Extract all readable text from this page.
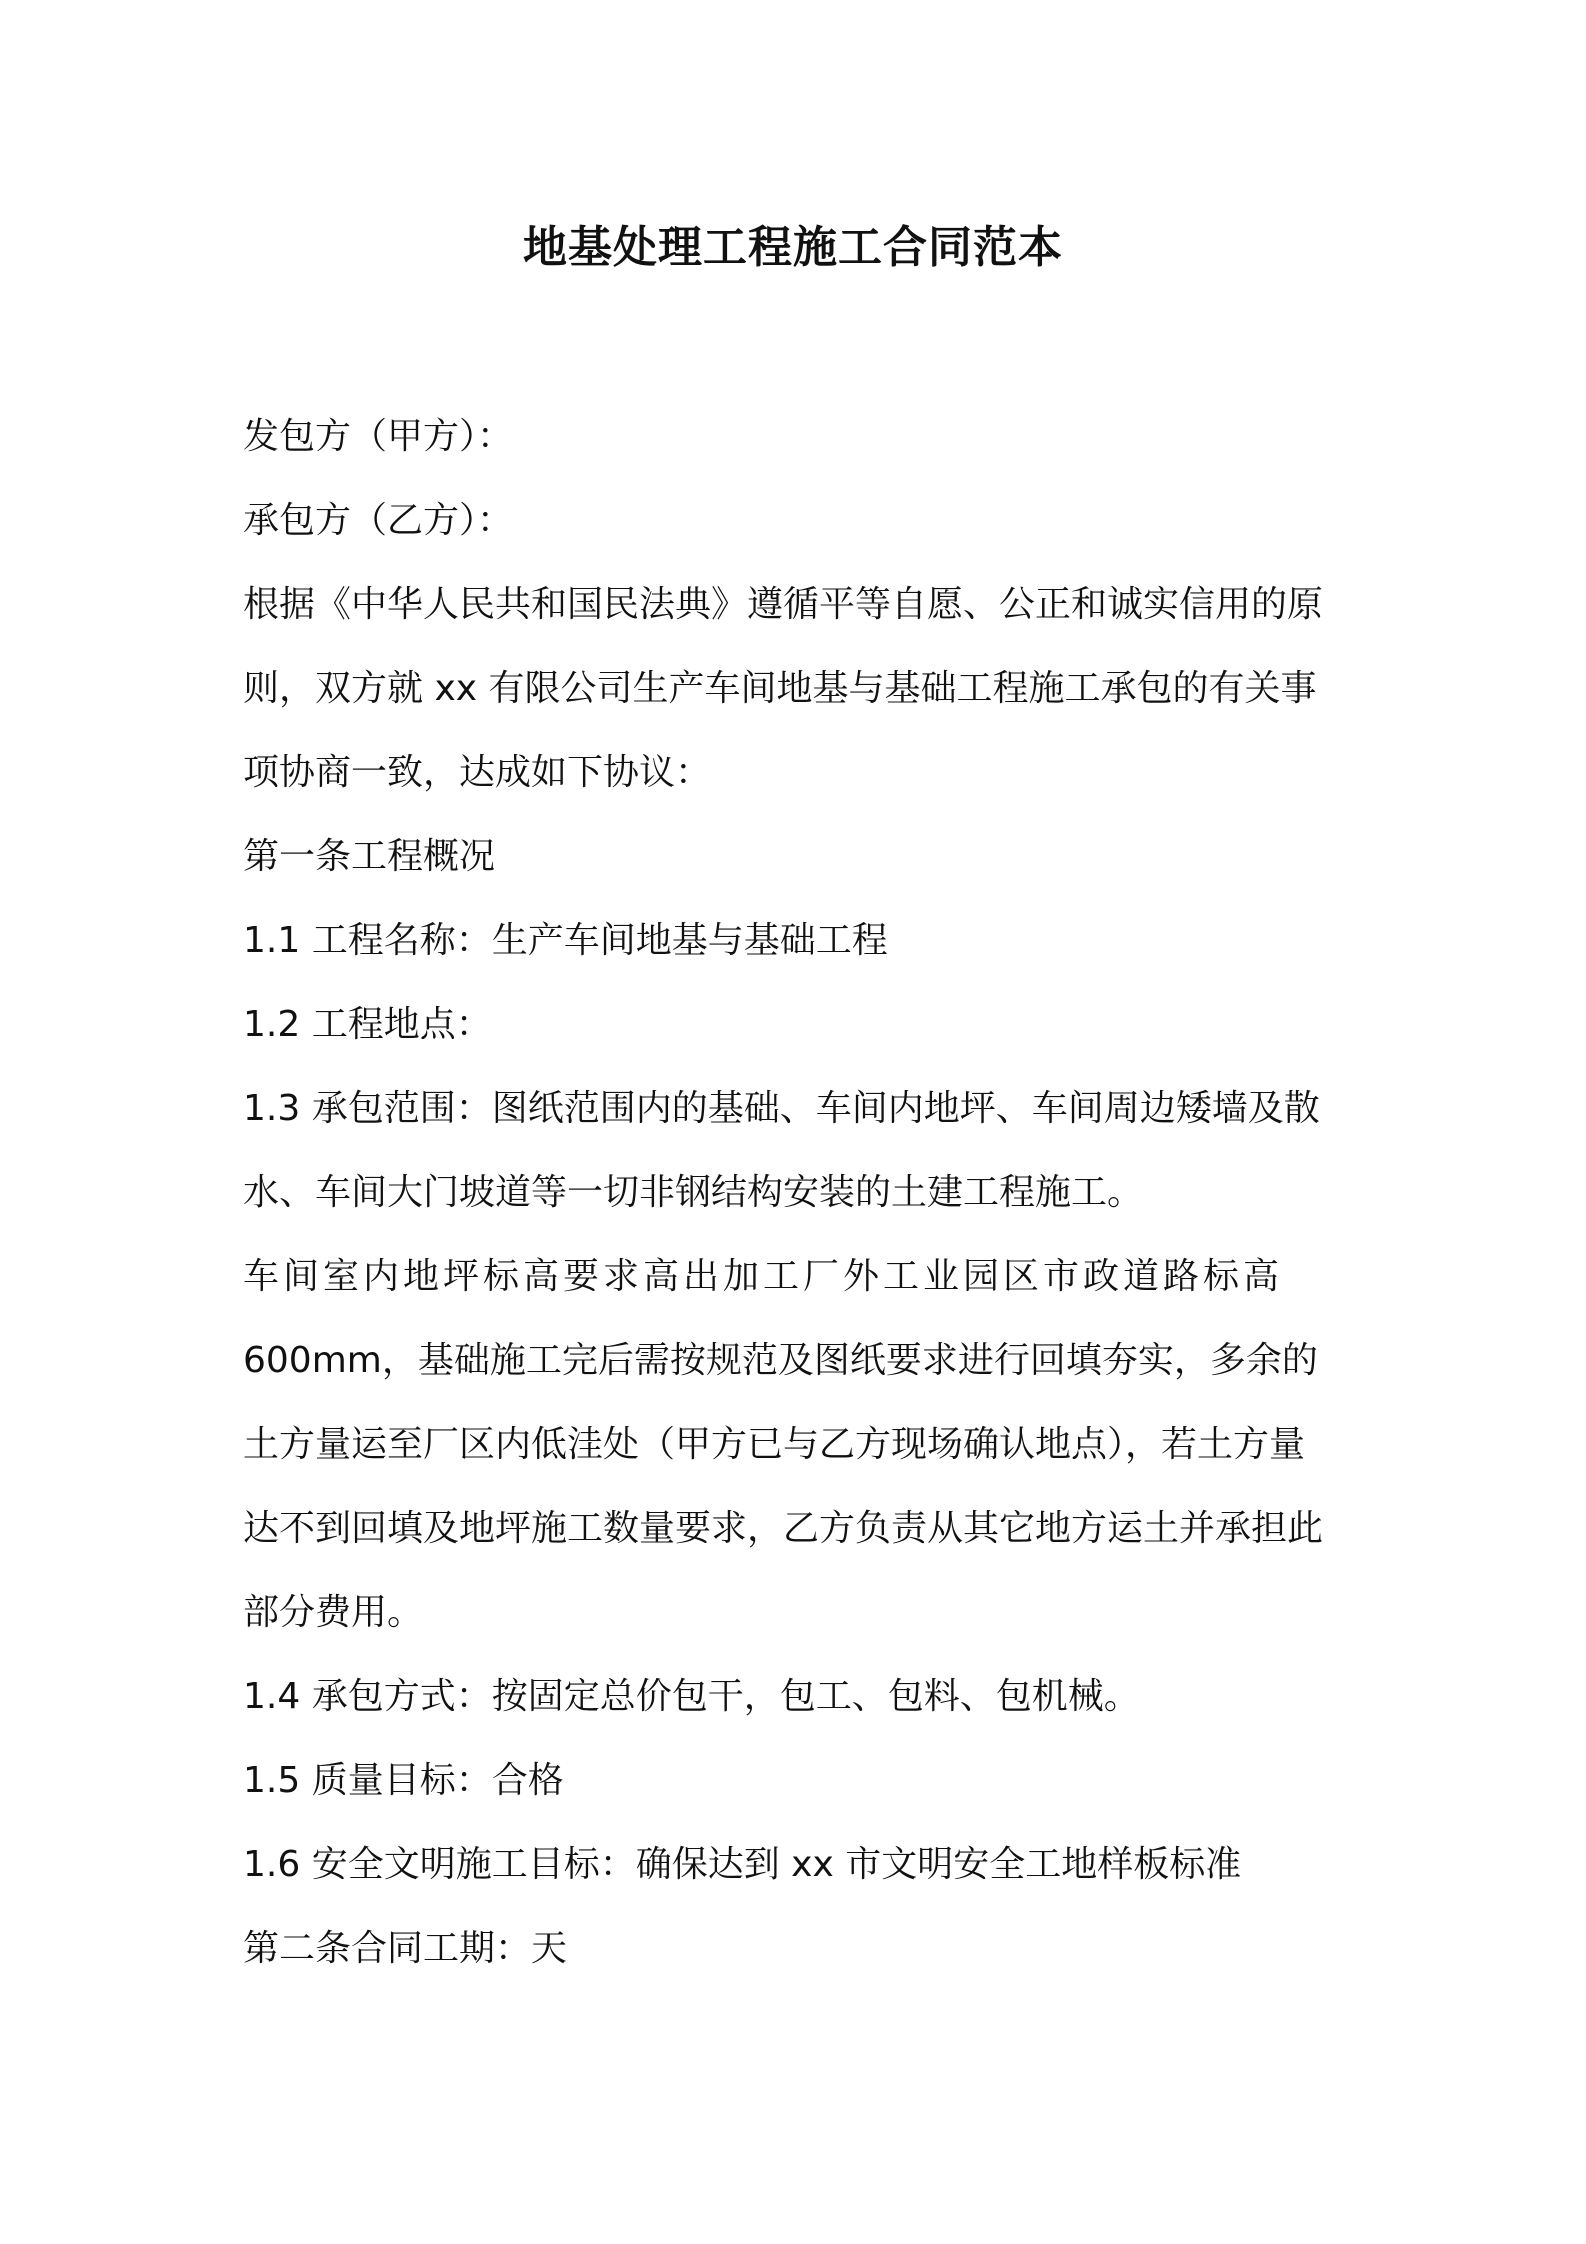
地基处理工程施工合同范本
发包方（甲方）：
承包方（乙方）：
根据《中华人民共和国民法典》遵循平等自愿、公正和诚实信用的原
则，双方就 xx 有限公司生产车间地基与基础工程施工承包的有关事
项协商一致，达成如下协议：
第一条工程概况
1.1 工程名称：生产车间地基与基础工程
1.2 工程地点：
1.3 承包范围：图纸范围内的基础、车间内地坪、车间周边矮墙及散
水、车间大门坡道等一切非钢结构安装的土建工程施工。
车间室内地坪标高要求高出加工厂外工业园区市政道路标高
600mm，基础施工完后需按规范及图纸要求进行回填夯实，多余的
土方量运至厂区内低洼处（甲方已与乙方现场确认地点），若土方量
达不到回填及地坪施工数量要求，乙方负责从其它地方运土并承担此
部分费用。
1.4 承包方式：按固定总价包干，包工、包料、包机械。
1.5 质量目标：合格
1.6 安全文明施工目标：确保达到 xx 市文明安全工地样板标准
第二条合同工期：天
